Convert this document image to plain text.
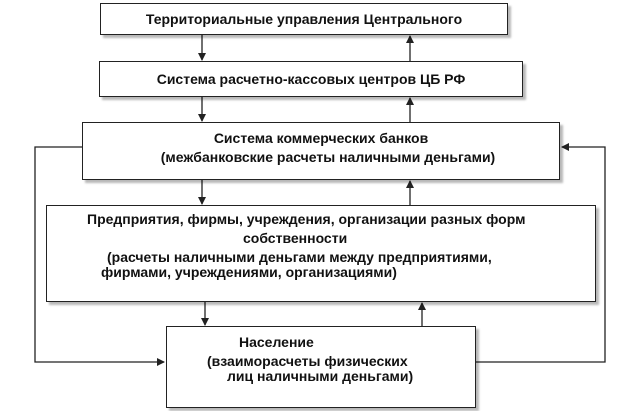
Территориальные управления Центрального
Система расчетно-кассовых центров ЦБ РФ
Система коммерческих банков
(межбанковские расчеты наличными деньгами)
Предприятия, фирмы, учреждения, организации разных форм
собственности
(расчеты наличными деньгами между предприятиями,
фирмами, учреждениями, организациями)
Население
(взаиморасчеты физических
лиц наличными деньгами)
